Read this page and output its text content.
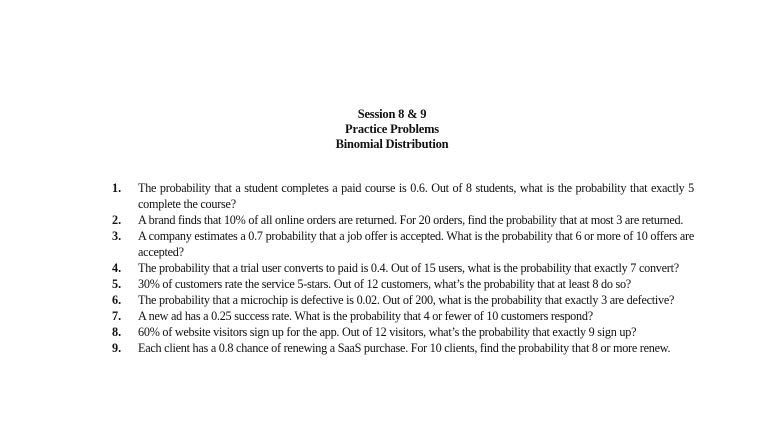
Session 8 & 9
Practice Problems
Binomial Distribution
1. The probability that a student completes a paid course is 0.6. Out of 8 students, what is the probability that exactly 5 complete the course?
2. A brand finds that 10% of all online orders are returned. For 20 orders, find the probability that at most 3 are returned.
3. A company estimates a 0.7 probability that a job offer is accepted. What is the probability that 6 or more of 10 offers are accepted?
4. The probability that a trial user converts to paid is 0.4. Out of 15 users, what is the probability that exactly 7 convert?
5. 30% of customers rate the service 5-stars. Out of 12 customers, what’s the probability that at least 8 do so?
6. The probability that a microchip is defective is 0.02. Out of 200, what is the probability that exactly 3 are defective?
7. A new ad has a 0.25 success rate. What is the probability that 4 or fewer of 10 customers respond?
8. 60% of website visitors sign up for the app. Out of 12 visitors, what’s the probability that exactly 9 sign up?
9. Each client has a 0.8 chance of renewing a SaaS purchase. For 10 clients, find the probability that 8 or more renew.
